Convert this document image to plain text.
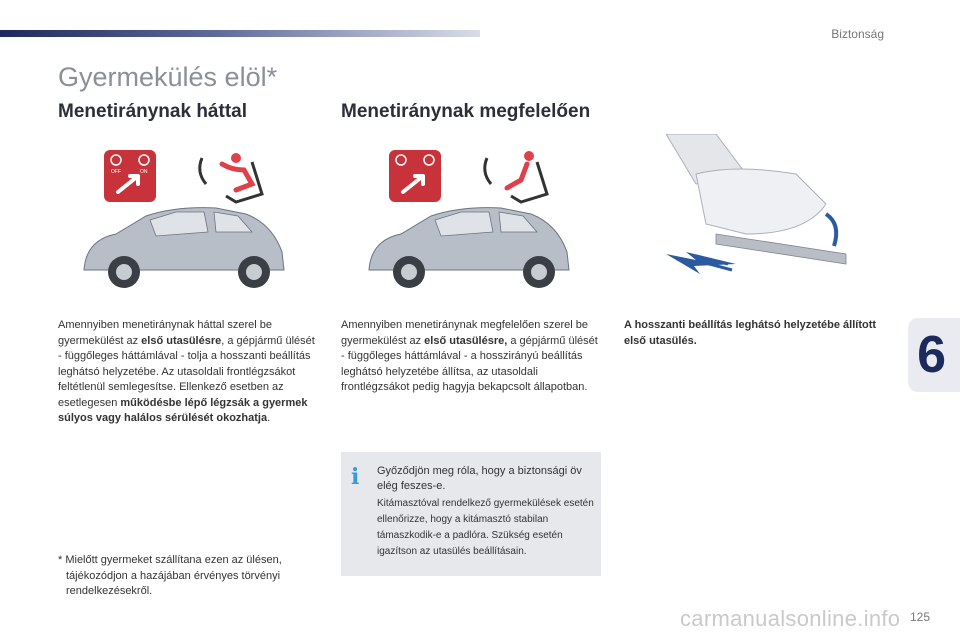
Biztonság
Gyermekülés elöl*
Menetiránynak háttal	Menetiránynak megfelelően
OFF	ON
Amennyiben menetiránynak háttal szerel be gyermekülést az első utasülésre, a gépjármű ülését - függőleges háttámlával - tolja a hosszanti beállítás leghátsó helyzetébe. Az utasoldali frontlégzsákot feltétlenül semlegesítse. Ellenkező esetben az esetlegesen működésbe lépő légzsák a gyermek súlyos vagy halálos sérülését okozhatja.
Amennyiben menetiránynak megfelelően szerel be gyermekülést az első utasülésre, a gépjármű ülését - függőleges háttámlával - a hosszirányú beállítás leghátsó helyzetébe állítsa, az utasoldali frontlégzsákot pedig hagyja bekapcsolt állapotban.
A hosszanti beállítás leghátsó helyzetébe állított első utasülés.
i	Győződjön meg róla, hogy a biztonsági öv elég feszes-e.
Kitámasztóval rendelkező gyermekülések esetén ellenőrizze, hogy a kitámasztó stabilan támaszkodik-e a padlóra. Szükség esetén igazítson az utasülés beállításain.
* Mielőtt gyermeket szállítana ezen az ülésen,
tájékozódjon a hazájában érvényes törvényi rendelkezésekről.
6
carmanualsonline.info 125
